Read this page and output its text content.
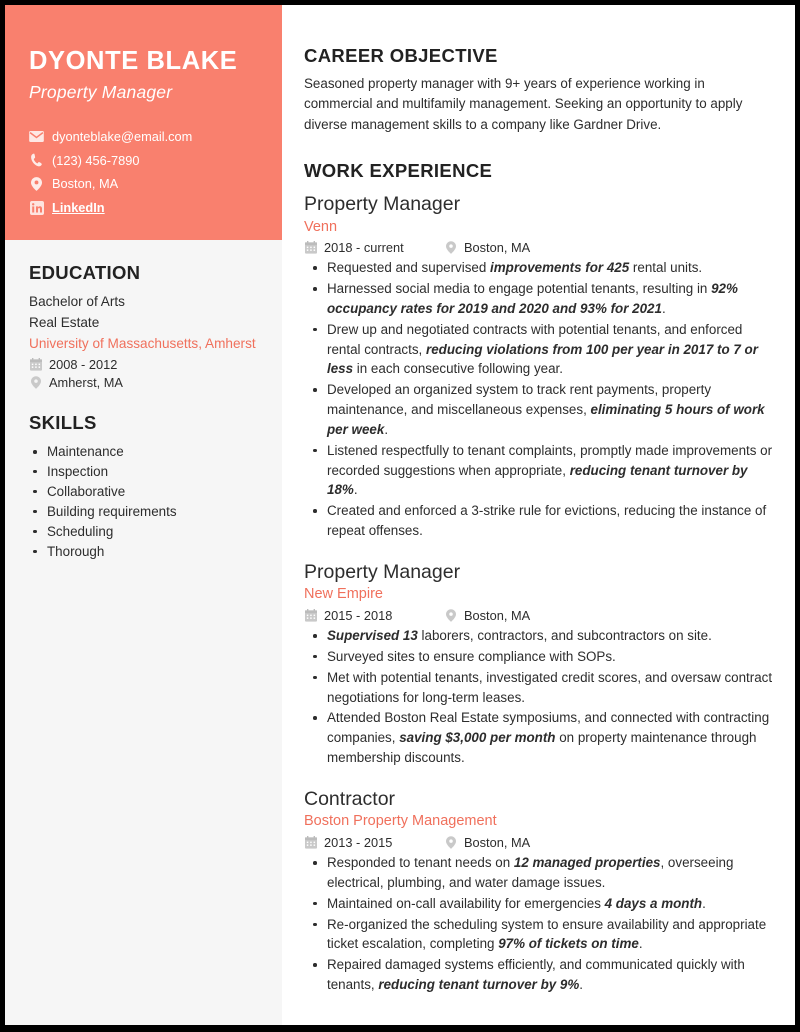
DYONTE BLAKE
Property Manager
dyonteblake@email.com
(123) 456-7890
Boston, MA
LinkedIn
EDUCATION
Bachelor of Arts
Real Estate
University of Massachusetts, Amherst
2008 - 2012
Amherst, MA
SKILLS
Maintenance
Inspection
Collaborative
Building requirements
Scheduling
Thorough
CAREER OBJECTIVE

Seasoned property manager with 9+ years of experience working in commercial and multifamily management. Seeking an opportunity to apply diverse management skills to a company like Gardner Drive.

WORK EXPERIENCE
Property Manager
Venn
2018 - current	Boston, MA
Requested and supervised improvements for 425 rental units.
Harnessed social media to engage potential tenants, resulting in 92% occupancy rates for 2019 and 2020 and 93% for 2021.
Drew up and negotiated contracts with potential tenants, and enforced rental contracts, reducing violations from 100 per year in 2017 to 7 or less in each consecutive following year.
Developed an organized system to track rent payments, property maintenance, and miscellaneous expenses, eliminating 5 hours of work per week.
Listened respectfully to tenant complaints, promptly made improvements or recorded suggestions when appropriate, reducing tenant turnover by 18%.
Created and enforced a 3-strike rule for evictions, reducing the instance of repeat offenses.
Property Manager
New Empire
2015 - 2018	Boston, MA
Supervised 13 laborers, contractors, and subcontractors on site.
Surveyed sites to ensure compliance with SOPs.
Met with potential tenants, investigated credit scores, and oversaw contract negotiations for long-term leases.
Attended Boston Real Estate symposiums, and connected with contracting companies, saving $3,000 per month on property maintenance through membership discounts.
Contractor
Boston Property Management
2013 - 2015	Boston, MA
Responded to tenant needs on 12 managed properties, overseeing electrical, plumbing, and water damage issues.
Maintained on-call availability for emergencies 4 days a month.
Re-organized the scheduling system to ensure availability and appropriate ticket escalation, completing 97% of tickets on time.
Repaired damaged systems efficiently, and communicated quickly with tenants, reducing tenant turnover by 9%.
